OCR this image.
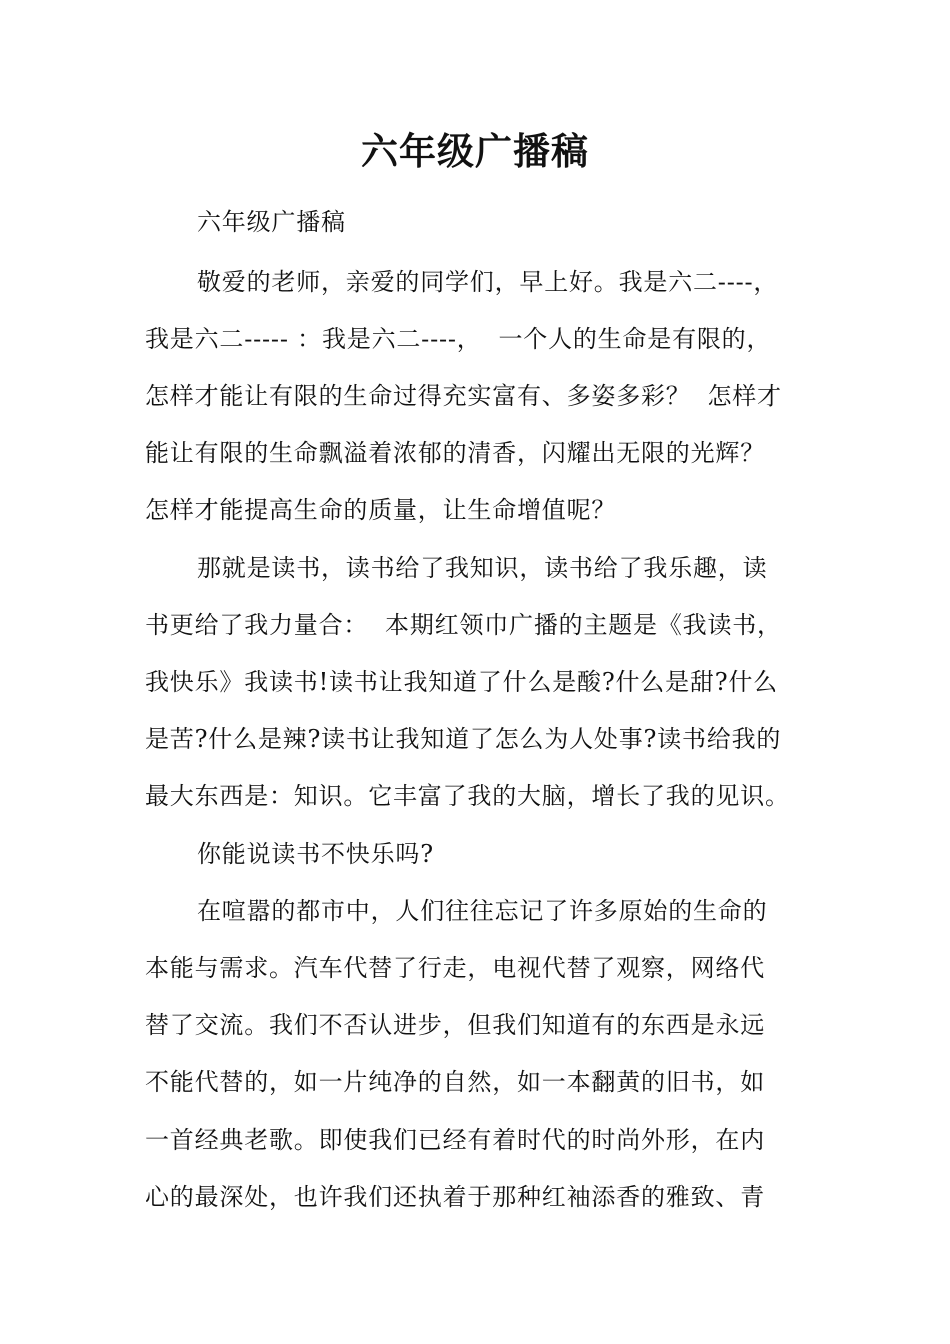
六年级广播稿
六年级广播稿
敬爱的老师，亲爱的同学们，早上好。我是六二----，
我是六二----- ：我是六二----，  一个人的生命是有限的，
怎样才能让有限的生命过得充实富有、多姿多彩？  怎样才
能让有限的生命飘溢着浓郁的清香，闪耀出无限的光辉？
怎样才能提高生命的质量，让生命增值呢？
那就是读书，读书给了我知识，读书给了我乐趣，读
书更给了我力量合：  本期红领巾广播的主题是《我读书，
我快乐》我读书!读书让我知道了什么是酸?什么是甜?什么
是苦?什么是辣?读书让我知道了怎么为人处事?读书给我的
最大东西是：知识。它丰富了我的大脑，增长了我的见识。
你能说读书不快乐吗?
在喧嚣的都市中，人们往往忘记了许多原始的生命的
本能与需求。汽车代替了行走，电视代替了观察，网络代
替了交流。我们不否认进步，但我们知道有的东西是永远
不能代替的，如一片纯净的自然，如一本翻黄的旧书，如
一首经典老歌。即使我们已经有着时代的时尚外形，在内
心的最深处，也许我们还执着于那种红袖添香的雅致、青
